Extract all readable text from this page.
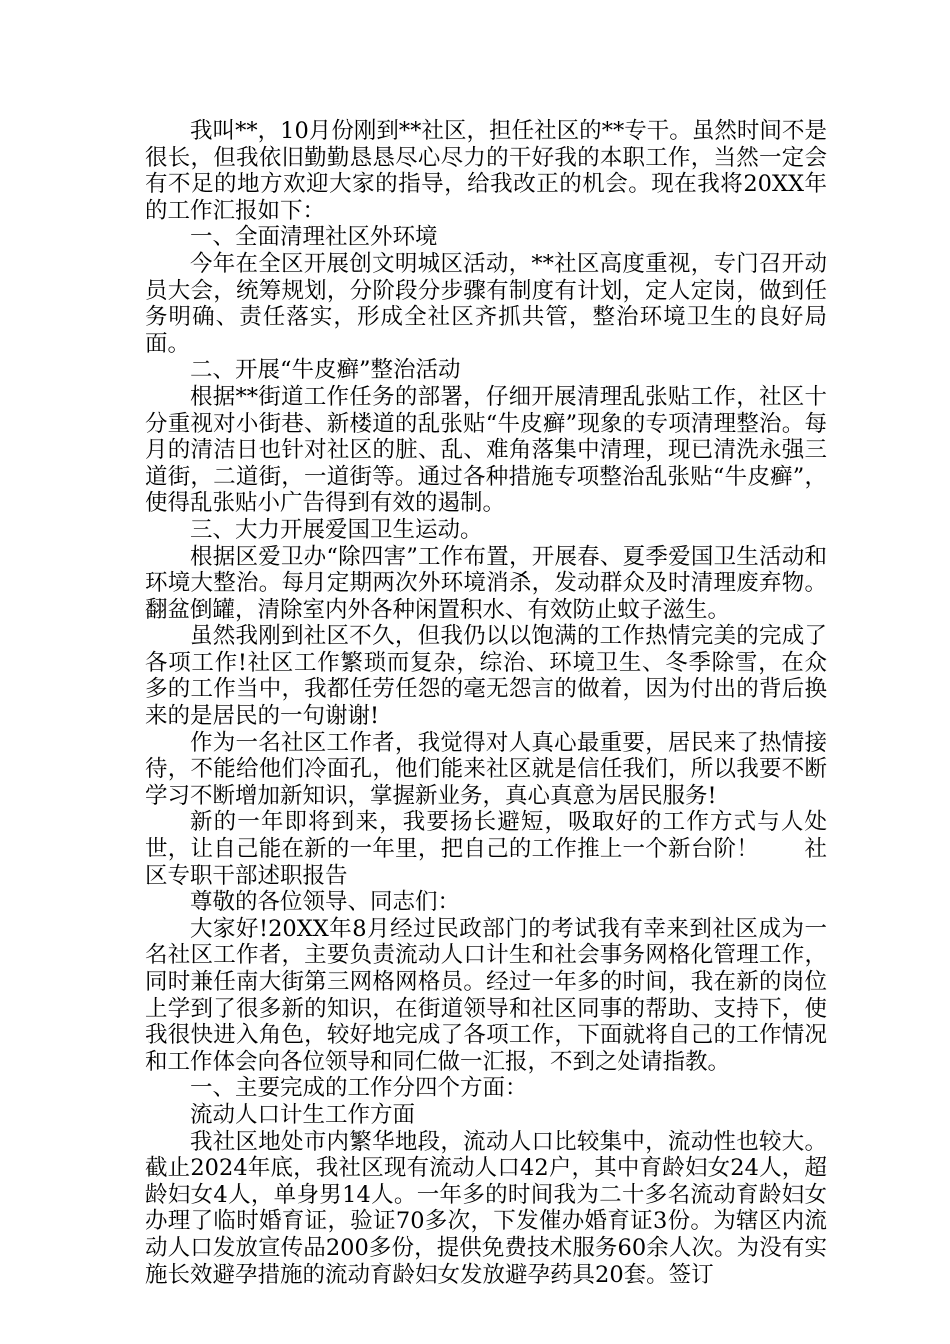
我叫**，10月份刚到**社区，担任社区的**专干。虽然时间不是很长，但我依旧勤勤恳恳尽心尽力的干好我的本职工作，当然一定会有不足的地方欢迎大家的指导，给我改正的机会。现在我将20XX年的工作汇报如下：

一、全面清理社区外环境

今年在全区开展创文明城区活动，**社区高度重视，专门召开动员大会，统筹规划，分阶段分步骤有制度有计划，定人定岗，做到任务明确、责任落实，形成全社区齐抓共管，整治环境卫生的良好局面。

二、开展“牛皮癣”整治活动

根据**街道工作任务的部署，仔细开展清理乱张贴工作，社区十分重视对小街巷、新楼道的乱张贴“牛皮癣”现象的专项清理整治。每月的清洁日也针对社区的脏、乱、难角落集中清理，现已清洗永强三道街，二道街，一道街等。通过各种措施专项整治乱张贴“牛皮癣”，使得乱张贴小广告得到有效的遏制。

三、大力开展爱国卫生运动。

根据区爱卫办“除四害”工作布置，开展春、夏季爱国卫生活动和环境大整治。每月定期两次外环境消杀，发动群众及时清理废弃物。翻盆倒罐，清除室内外各种闲置积水、有效防止蚊子滋生。

虽然我刚到社区不久，但我仍以以饱满的工作热情完美的完成了各项工作!社区工作繁琐而复杂，综治、环境卫生、冬季除雪，在众多的工作当中，我都任劳任怨的毫无怨言的做着，因为付出的背后换来的是居民的一句谢谢!

作为一名社区工作者，我觉得对人真心最重要，居民来了热情接待，不能给他们冷面孔，他们能来社区就是信任我们，所以我要不断学习不断增加新知识，掌握新业务，真心真意为居民服务!

新的一年即将到来，我要扬长避短，吸取好的工作方式与人处世，让自己能在新的一年里，把自己的工作推上一个新台阶！　　社区专职干部述职报告

尊敬的各位领导、同志们：

大家好!20XX年8月经过民政部门的考试我有幸来到社区成为一名社区工作者，主要负责流动人口计生和社会事务网格化管理工作，同时兼任南大街第三网格网格员。经过一年多的时间，我在新的岗位上学到了很多新的知识，在街道领导和社区同事的帮助、支持下，使我很快进入角色，较好地完成了各项工作，下面就将自己的工作情况和工作体会向各位领导和同仁做一汇报，不到之处请指教。

一、主要完成的工作分四个方面：

流动人口计生工作方面

我社区地处市内繁华地段，流动人口比较集中，流动性也较大。截止2024年底，我社区现有流动人口42户，其中育龄妇女24人，超龄妇女4人，单身男14人。一年多的时间我为二十多名流动育龄妇女办理了临时婚育证，验证70多次，下发催办婚育证3份。为辖区内流动人口发放宣传品200多份，提供免费技术服务60余人次。为没有实施长效避孕措施的流动育龄妇女发放避孕药具20套。签订
